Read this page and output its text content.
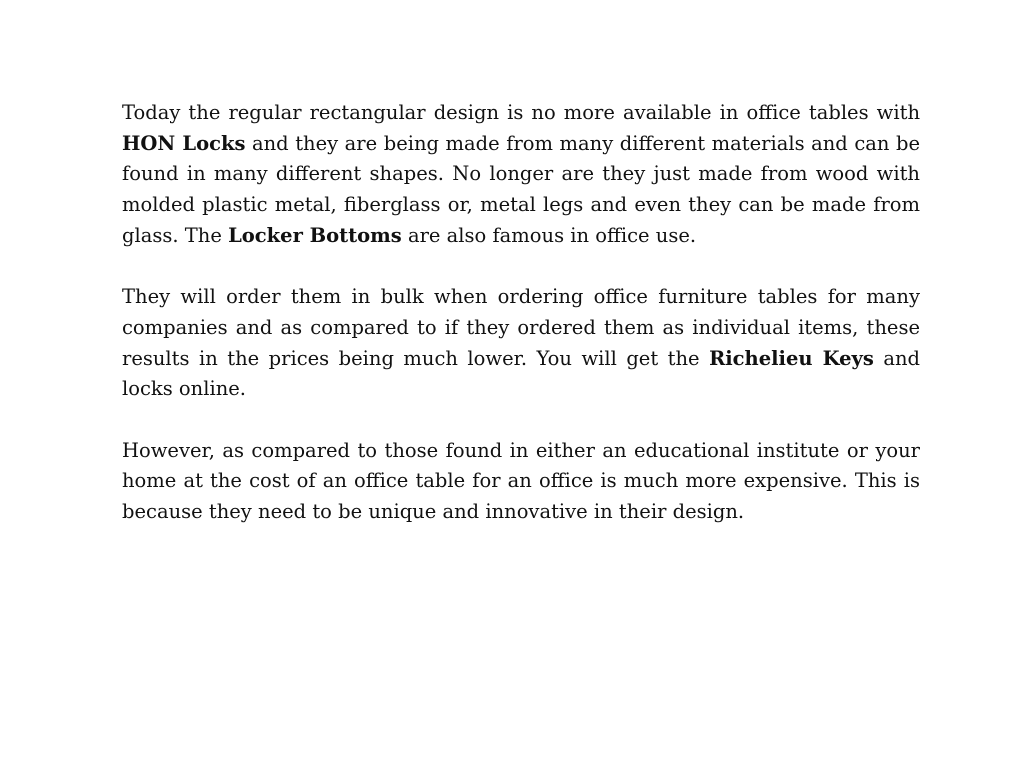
Today the regular rectangular design is no more available in office tables with HON Locks and they are being made from many different materials and can be found in many different shapes. No longer are they just made from wood with molded plastic metal, fiberglass or, metal legs and even they can be made from glass. The Locker Bottoms are also famous in office use.

They will order them in bulk when ordering office furniture tables for many companies and as compared to if they ordered them as individual items, these results in the prices being much lower. You will get the Richelieu Keys and locks online.

However, as compared to those found in either an educational institute or your home at the cost of an office table for an office is much more expensive. This is because they need to be unique and innovative in their design.
